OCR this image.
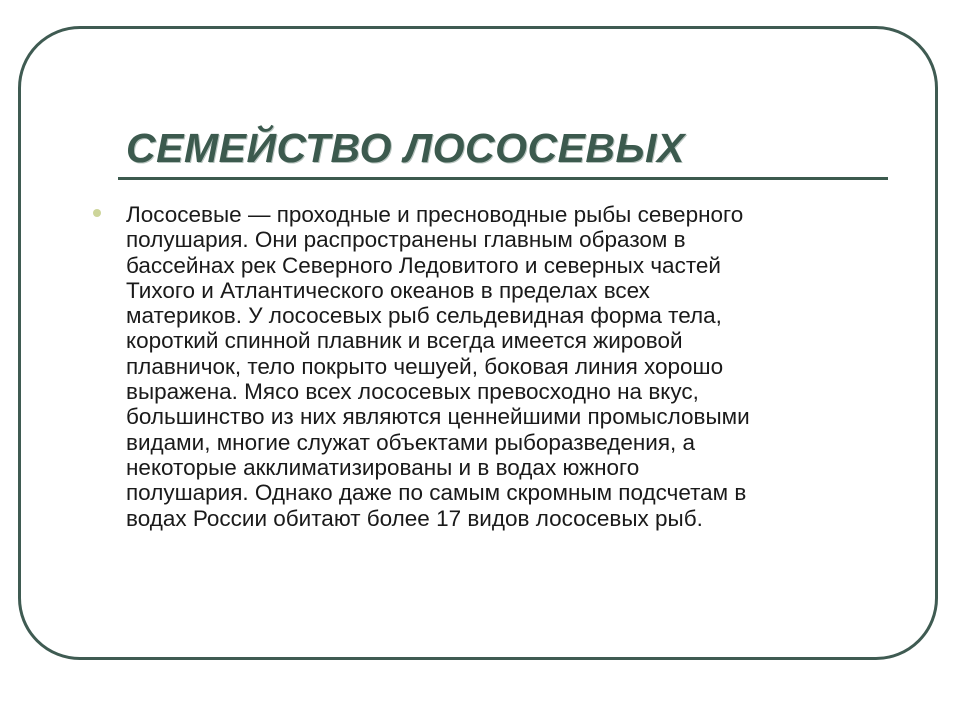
СЕМЕЙСТВО ЛОСОСЕВЫХ

Лососевые — проходные и пресноводные рыбы северного
полушария. Они распространены главным образом в
бассейнах рек Северного Ледовитого и северных частей
Тихого и Атлантического океанов в пределах всех
материков. У лососевых рыб сельдевидная форма тела,
короткий спинной плавник и всегда имеется жировой
плавничок, тело покрыто чешуей, боковая линия хорошо
выражена. Мясо всех лососевых превосходно на вкус,
большинство из них являются ценнейшими промысловыми
видами, многие служат объектами рыборазведения, а
некоторые акклиматизированы и в водах южного
полушария. Однако даже по самым скромным подсчетам в
водах России обитают более 17 видов лососевых рыб.
